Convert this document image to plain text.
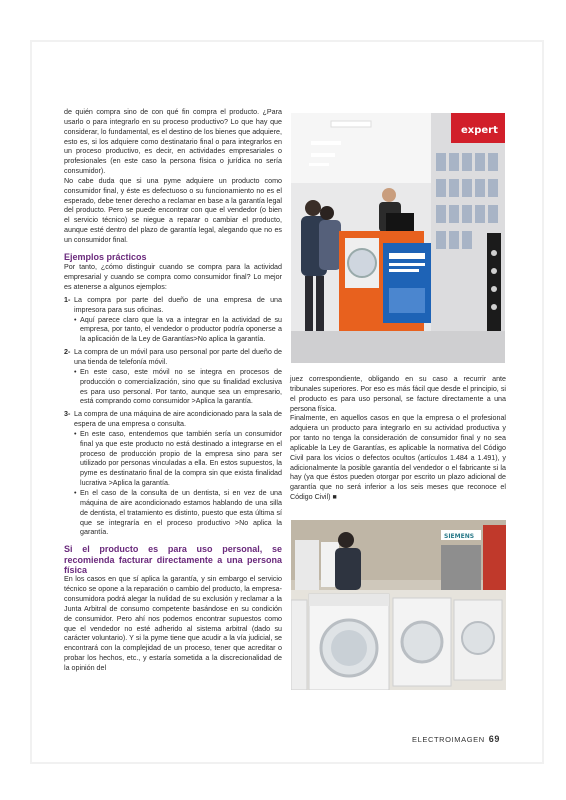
de quién compra sino de con qué fin compra el producto. ¿Para usarlo o para integrarlo en su proceso productivo? Lo que hay que considerar, lo fundamental, es el destino de los bienes que adquiere, esto es, si los adquiere como destinatario final o para integrarlos en un proceso productivo, es decir, en actividades empresariales o profesionales (en este caso la persona física o jurídica no sería consumidor).

No cabe duda que si una pyme adquiere un producto como consumidor final, y éste es defectuoso o su funcionamiento no es el esperado, debe tener derecho a reclamar en base a la garantía legal del producto. Pero se puede encontrar con que el vendedor (o bien el servicio técnico) se niegue a reparar o cambiar el producto, aunque esté dentro del plazo de garantía legal, alegando que no es un consumidor final.

Ejemplos prácticos

Por tanto, ¿cómo distinguir cuando se compra para la actividad empresarial y cuando se compra como consumidor final? Lo mejor es atenerse a algunos ejemplos:

1- La compra por parte del dueño de una empresa de una impresora para sus oficinas.
• Aquí parece claro que la va a integrar en la actividad de su empresa, por tanto, el vendedor o productor podría oponerse a la aplicación de la Ley de Garantías>No aplica la garantía.
2- La compra de un móvil para uso personal por parte del dueño de una tienda de telefonía móvil.
• En este caso, este móvil no se integra en procesos de producción o comercialización, sino que su finalidad exclusiva es para uso personal. Por tanto, aunque sea un empresario, está comprando como consumidor >Aplica la garantía.
3- La compra de una máquina de aire acondicionado para la sala de espera de una empresa o consulta.
• En este caso, entendemos que también sería un consumidor final ya que este producto no está destinado a integrarse en el proceso de producción propio de la empresa sino para ser utilizado por personas vinculadas a ella. En estos supuestos, la pyme es destinatario final de la compra sin que exista finalidad lucrativa >Aplica la garantía.
• En el caso de la consulta de un dentista, si en vez de una máquina de aire acondicionado estamos hablando de una silla de dentista, el tratamiento es distinto, puesto que esta última sí que se integraría en el proceso productivo >No aplica la garantía.
Si el producto es para uso personal, se recomienda facturar directamente a una persona física

En los casos en que sí aplica la garantía, y sin embargo el servicio técnico se opone a la reparación o cambio del producto, la empresa-consumidora podrá alegar la nulidad de su exclusión y reclamar a la Junta Arbitral de consumo competente basándose en su condición de consumidor. Pero ahí nos podemos encontrar supuestos como que el vendedor no esté adherido al sistema arbitral (dado su carácter voluntario). Y si la pyme tiene que acudir a la vía judicial, se encontrará con la complejidad de un proceso, tener que acreditar o probar los hechos, etc., y estaría sometida a la discrecionalidad de la opinión del

expert

juez correspondiente, obligando en su caso a recurrir ante tribunales superiores. Por eso es más fácil que desde el principio, si el producto es para uso personal, se facture directamente a una persona física.

Finalmente, en aquellos casos en que la empresa o el profesional adquiera un producto para integrarlo en su actividad productiva y por tanto no tenga la consideración de consumidor final y no sea aplicable la Ley de Garantías, es aplicable la normativa del Código Civil para los vicios o defectos ocultos (artículos 1.484 a 1.491), y adicionalmente la posible garantía del vendedor o el fabricante si la hay (ya que éstos pueden otorgar por escrito un plazo adicional de garantía que no será inferior a los seis meses que reconoce el Código Civil) ■

SIEMENS
ELECTROIMAGEN 69
